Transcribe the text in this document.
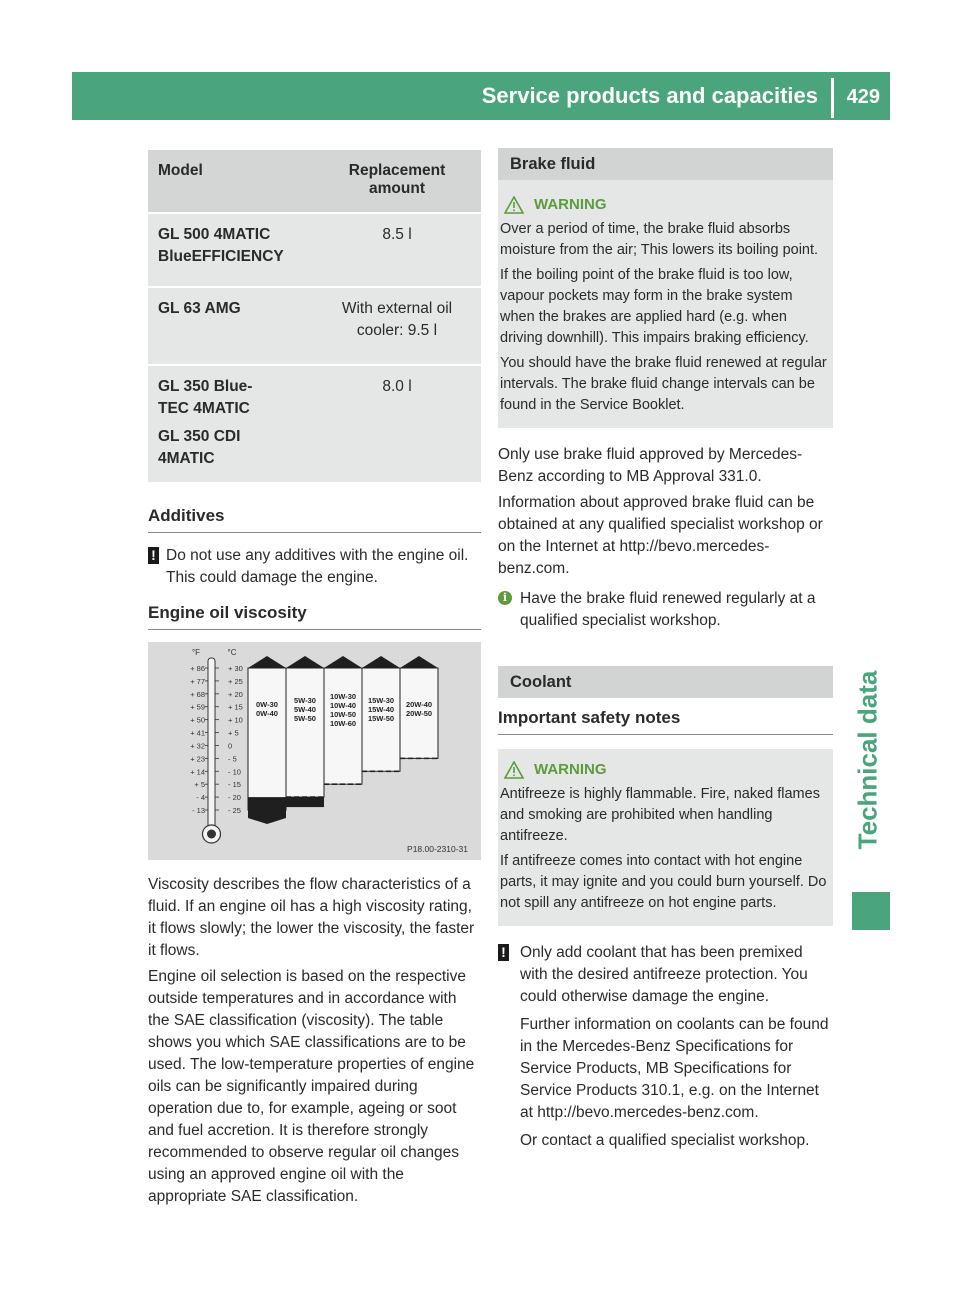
Service products and capacities 429
Technical data
Model	Replacement
amount

GL 500 4MATIC
BlueEFFICIENCY	8.5 l

GL 63 AMG	With external oil
cooler: 9.5 l

GL 350 Blue-
TEC 4MATIC
GL 350 CDI
4MATIC	8.0 l
Additives
! Do not use any additives with the engine oil. This could damage the engine.

Engine oil viscosity
°F	°C
+ 86	+ 30
+ 77	+ 25
+ 68	+ 20
+ 59	+ 15
+ 50	+ 10
+ 41	+ 5
+ 32	0
+ 23	- 5
+ 14	- 10
+ 5	- 15
- 4	- 20
- 13	- 25
0W-30
0W-40
5W-30
5W-40
5W-50
10W-30
10W-40
10W-50
10W-60
15W-30
15W-40
15W-50
20W-40
20W-50
P18.00-2310-31

Viscosity describes the flow characteristics of a fluid. If an engine oil has a high viscosity rating, it flows slowly; the lower the viscosity, the faster it flows.

Engine oil selection is based on the respective outside temperatures and in accordance with the SAE classification (viscosity). The table shows you which SAE classifications are to be used. The low-temperature properties of engine oils can be significantly impaired during operation due to, for example, ageing or soot and fuel accretion. It is therefore strongly recommended to observe regular oil changes using an approved engine oil with the appropriate SAE classification.

Brake fluid
WARNING

Over a period of time, the brake fluid absorbs moisture from the air; This lowers its boiling point.

If the boiling point of the brake fluid is too low, vapour pockets may form in the brake system when the brakes are applied hard (e.g. when driving downhill). This impairs braking efficiency.

You should have the brake fluid renewed at regular intervals. The brake fluid change intervals can be found in the Service Booklet.

Only use brake fluid approved by Mercedes-Benz according to MB Approval 331.0.

Information about approved brake fluid can be obtained at any qualified specialist workshop or on the Internet at http://bevo.mercedes-benz.com.

i Have the brake fluid renewed regularly at a qualified specialist workshop.

Coolant
Important safety notes
WARNING

Antifreeze is highly flammable. Fire, naked flames and smoking are prohibited when handling antifreeze.

If antifreeze comes into contact with hot engine parts, it may ignite and you could burn yourself. Do not spill any antifreeze on hot engine parts.

! Only add coolant that has been premixed with the desired antifreeze protection. You could otherwise damage the engine.

Further information on coolants can be found in the Mercedes-Benz Specifications for Service Products, MB Specifications for Service Products 310.1, e.g. on the Internet at http://bevo.mercedes-benz.com.

Or contact a qualified specialist workshop.
